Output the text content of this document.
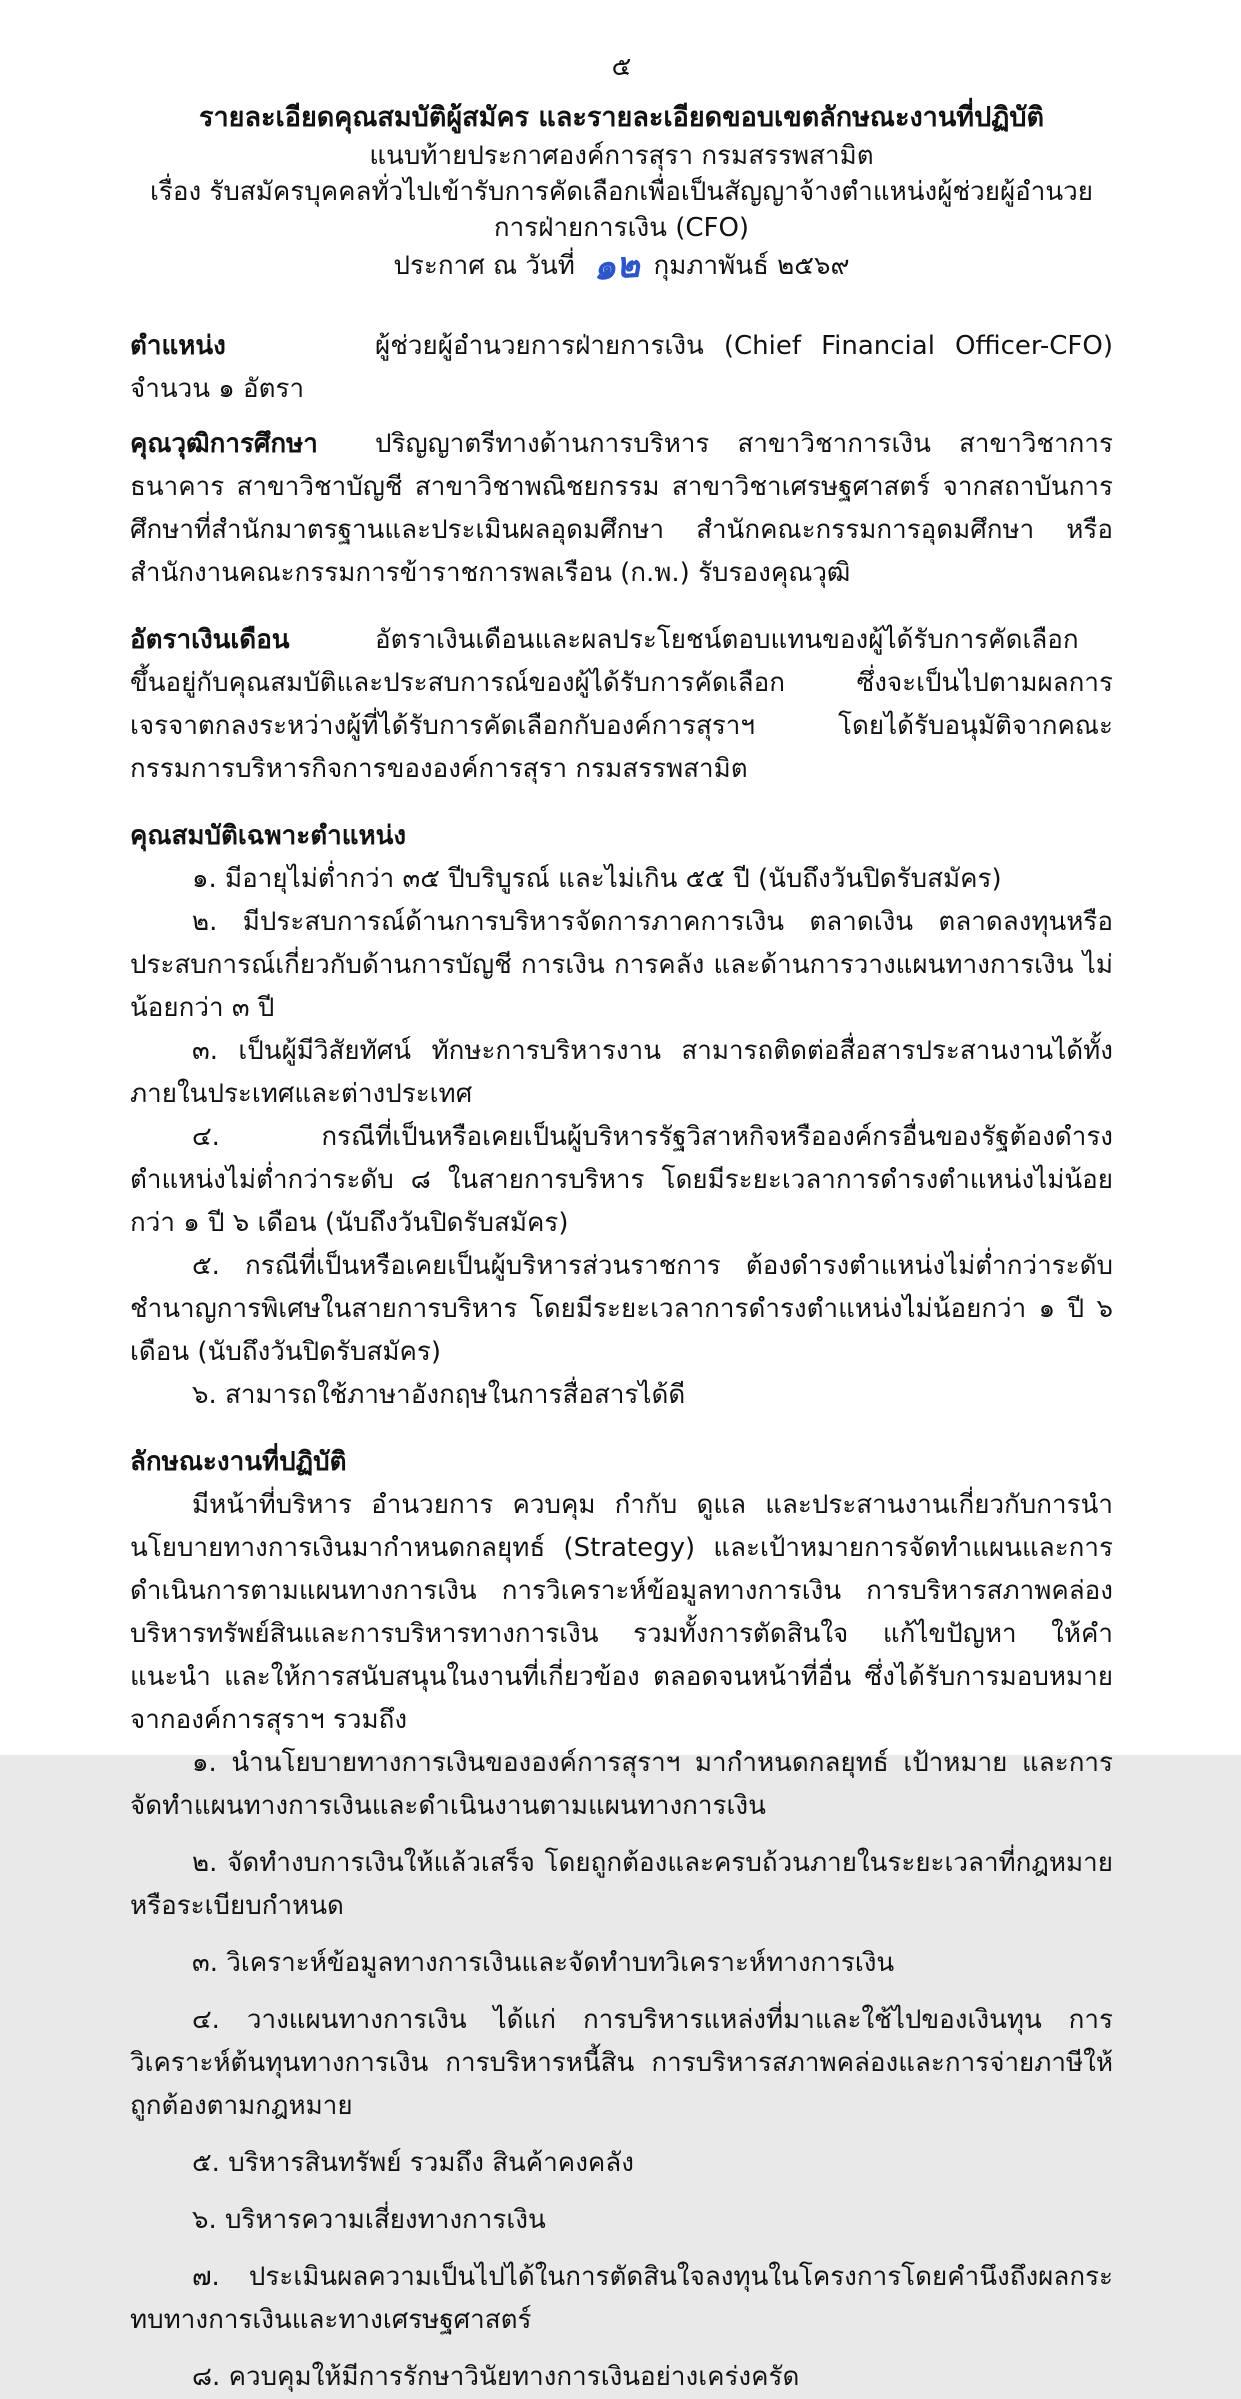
๕
รายละเอียดคุณสมบัติผู้สมัคร และรายละเอียดขอบเขตลักษณะงานที่ปฏิบัติ
แนบท้ายประกาศองค์การสุรา กรมสรรพสามิต
เรื่อง รับสมัครบุคคลทั่วไปเข้ารับการคัดเลือกเพื่อเป็นสัญญาจ้างตำแหน่งผู้ช่วยผู้อำนวยการฝ่ายการเงิน (CFO)
ประกาศ ณ วันที่ ๑๒ กุมภาพันธ์ ๒๕๖๙

ตำแหน่ง	ผู้ช่วยผู้อำนวยการฝ่ายการเงิน (Chief Financial Officer-CFO) จำนวน ๑ อัตรา

คุณวุฒิการศึกษา ปริญญาตรีทางด้านการบริหาร สาขาวิชาการเงิน สาขาวิชาการธนาคาร สาขาวิชาบัญชี สาขาวิชาพณิชยกรรม สาขาวิชาเศรษฐศาสตร์ จากสถาบันการศึกษาที่สำนักมาตรฐานและประเมินผลอุดมศึกษา สำนักคณะกรรมการอุดมศึกษา หรือสำนักงานคณะกรรมการข้าราชการพลเรือน (ก.พ.) รับรองคุณวุฒิ

อัตราเงินเดือน	อัตราเงินเดือนและผลประโยชน์ตอบแทนของผู้ได้รับการคัดเลือกขึ้นอยู่กับคุณสมบัติและประสบการณ์ของผู้ได้รับการคัดเลือก ซึ่งจะเป็นไปตามผลการเจรจาตกลงระหว่างผู้ที่ได้รับการคัดเลือกกับองค์การสุราฯ โดยได้รับอนุมัติจากคณะกรรมการบริหารกิจการขององค์การสุรา กรมสรรพสามิต

คุณสมบัติเฉพาะตำแหน่ง

๑. มีอายุไม่ต่ำกว่า ๓๕ ปีบริบูรณ์ และไม่เกิน ๕๕ ปี (นับถึงวันปิดรับสมัคร)

๒. มีประสบการณ์ด้านการบริหารจัดการภาคการเงิน ตลาดเงิน ตลาดลงทุนหรือประสบการณ์เกี่ยวกับด้านการบัญชี การเงิน การคลัง และด้านการวางแผนทางการเงิน ไม่น้อยกว่า ๓ ปี

๓. เป็นผู้มีวิสัยทัศน์ ทักษะการบริหารงาน สามารถติดต่อสื่อสารประสานงานได้ทั้งภายในประเทศและต่างประเทศ

๔. กรณีที่เป็นหรือเคยเป็นผู้บริหารรัฐวิสาหกิจหรือองค์กรอื่นของรัฐต้องดำรงตำแหน่งไม่ต่ำกว่าระดับ ๘ ในสายการบริหาร โดยมีระยะเวลาการดำรงตำแหน่งไม่น้อยกว่า ๑ ปี ๖ เดือน (นับถึงวันปิดรับสมัคร)

๕. กรณีที่เป็นหรือเคยเป็นผู้บริหารส่วนราชการ ต้องดำรงตำแหน่งไม่ต่ำกว่าระดับชำนาญการพิเศษในสายการบริหาร โดยมีระยะเวลาการดำรงตำแหน่งไม่น้อยกว่า ๑ ปี ๖ เดือน (นับถึงวันปิดรับสมัคร)

๖. สามารถใช้ภาษาอังกฤษในการสื่อสารได้ดี

ลักษณะงานที่ปฏิบัติ

มีหน้าที่บริหาร อำนวยการ ควบคุม กำกับ ดูแล และประสานงานเกี่ยวกับการนำนโยบายทางการเงินมากำหนดกลยุทธ์ (Strategy) และเป้าหมายการจัดทำแผนและการดำเนินการตามแผนทางการเงิน การวิเคราะห์ข้อมูลทางการเงิน การบริหารสภาพคล่อง บริหารทรัพย์สินและการบริหารทางการเงิน รวมทั้งการตัดสินใจ แก้ไขปัญหา ให้คำแนะนำ และให้การสนับสนุนในงานที่เกี่ยวข้อง ตลอดจนหน้าที่อื่น ซึ่งได้รับการมอบหมายจากองค์การสุราฯ รวมถึง

๑. นำนโยบายทางการเงินขององค์การสุราฯ มากำหนดกลยุทธ์ เป้าหมาย และการจัดทำแผนทางการเงินและดำเนินงานตามแผนทางการเงิน

๒. จัดทำงบการเงินให้แล้วเสร็จ โดยถูกต้องและครบถ้วนภายในระยะเวลาที่กฎหมายหรือระเบียบกำหนด

๓. วิเคราะห์ข้อมูลทางการเงินและจัดทำบทวิเคราะห์ทางการเงิน

๔. วางแผนทางการเงิน ได้แก่ การบริหารแหล่งที่มาและใช้ไปของเงินทุน การวิเคราะห์ต้นทุนทางการเงิน การบริหารหนี้สิน การบริหารสภาพคล่องและการจ่ายภาษีให้ถูกต้องตามกฎหมาย

๕. บริหารสินทรัพย์ รวมถึง สินค้าคงคลัง

๖. บริหารความเสี่ยงทางการเงิน

๗. ประเมินผลความเป็นไปได้ในการตัดสินใจลงทุนในโครงการโดยคำนึงถึงผลกระทบทางการเงินและทางเศรษฐศาสตร์

๘. ควบคุมให้มีการรักษาวินัยทางการเงินอย่างเคร่งครัด
